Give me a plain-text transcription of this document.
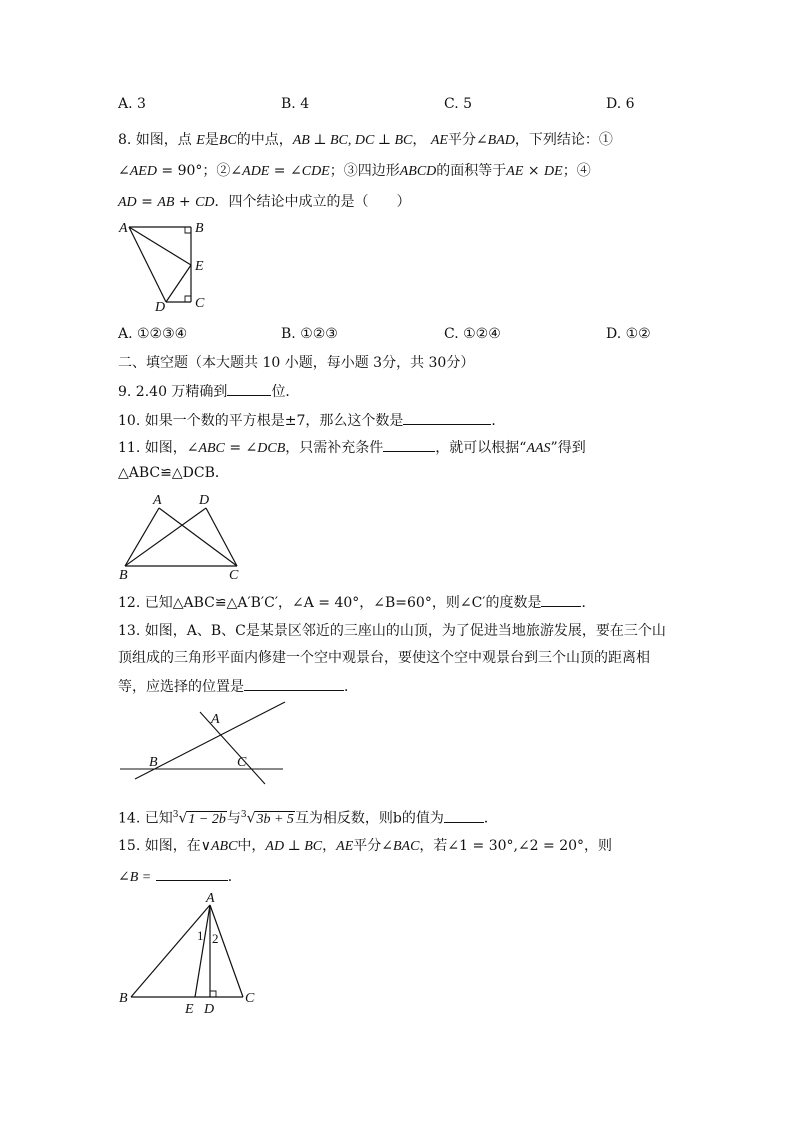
A. 3	B. 4	C. 5	D. 6
8. 如图，点 E是BC的中点，AB ⊥ BC, DC ⊥ BC， AE平分∠BAD，下列结论：①
∠AED = 90°；②∠ADE = ∠CDE；③四边形ABCD的面积等于AE × DE；④
AD = AB + CD．四个结论中成立的是（　　）
A	B
E
D C
A. ①②③④	B. ①②③	C. ①②④	D. ①②
二、填空题（本大题共 10 小题，每小题 3分，共 30分）
9. 2.40 万精确到	位．
10. 如果一个数的平方根是±7，那么这个数是	．
11. 如图，∠ABC = ∠DCB，只需补充条件	，就可以根据“AAS”得到
△ABC≌△DCB．
A	D
B	C
12. 已知△ABC≌△A′B′C′，∠A = 40°，∠B=60°，则∠C′的度数是	．
13. 如图，A、B、C是某景区邻近的三座山的山顶，为了促进当地旅游发展，要在三个山
顶组成的三角形平面内修建一个空中观景台，要使这个空中观景台到三个山顶的距离相
等，应选择的位置是	．
A
B	C
14. 已知$^3$√1 − 2b与$^3$√3b + 5互为相反数，则b的值为	．
15. 如图，在∨ABC中，AD ⊥ BC，AE平分∠BAC，若∠1 = 30°,∠2 = 20°，则
∠B =	．
A
1 2
B
E D
C
